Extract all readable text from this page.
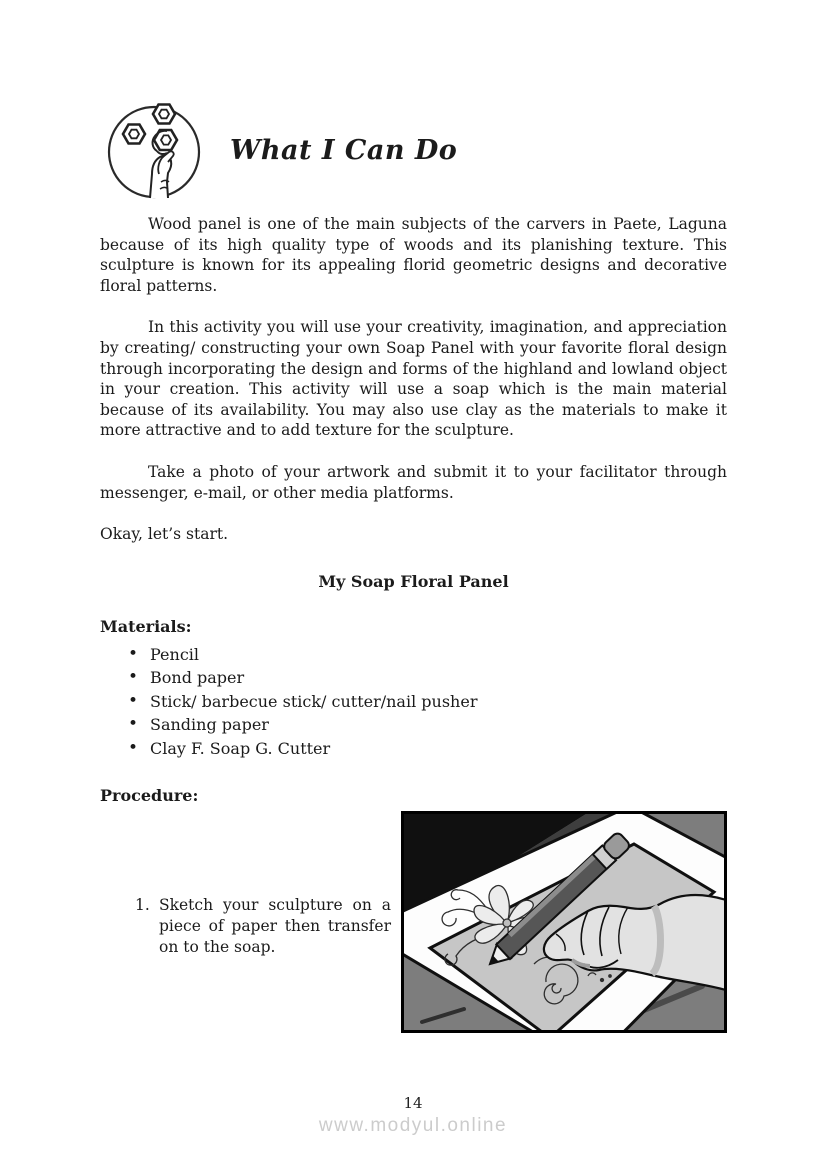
What I Can Do

Wood panel is one of the main subjects of the carvers in Paete, Laguna because of its high quality type of woods and its planishing texture. This sculpture is known for its appealing florid geometric designs and decorative floral patterns.

In this activity you will use your creativity, imagination, and appreciation by creating/ constructing your own Soap Panel with your favorite floral design through incorporating the design and forms of the highland and lowland object in your creation. This activity will use a soap which is the main material because of its availability. You may also use clay as the materials to make it more attractive and to add texture for the sculpture.

Take a photo of your artwork and submit it to your facilitator through messenger, e-mail, or other media platforms.

Okay, let’s start.

My Soap Floral Panel
Materials:
• Pencil
• Bond paper
• Stick/ barbecue stick/ cutter/nail pusher
• Sanding paper
• Clay F. Soap G. Cutter
Procedure:
1. Sketch your sculpture on a piece of paper then transfer on to the soap.
14
www.modyul.online
